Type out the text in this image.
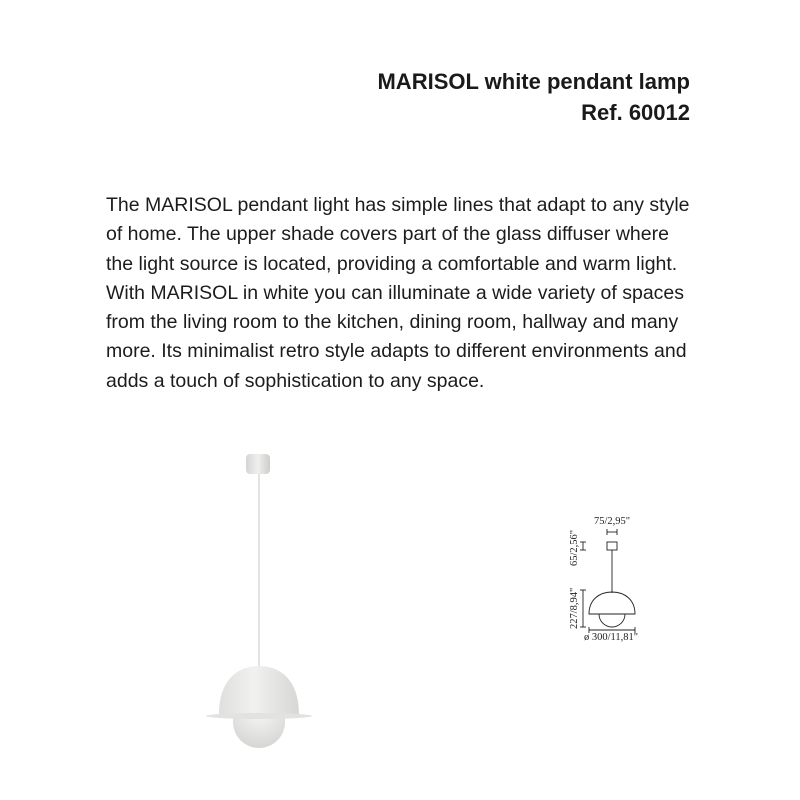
MARISOL white pendant lamp
Ref. 60012

The MARISOL pendant light has simple lines that adapt to any style of home. The upper shade covers part of the glass diffuser where the light source is located, providing a comfortable and warm light. With MARISOL in white you can illuminate a wide variety of spaces from the living room to the kitchen, dining room, hallway and many more. Its minimalist retro style adapts to different environments and adds a touch of sophistication to any space.

75/2,95"
65/2,56"
227/8,94"
ø 300/11,81"
